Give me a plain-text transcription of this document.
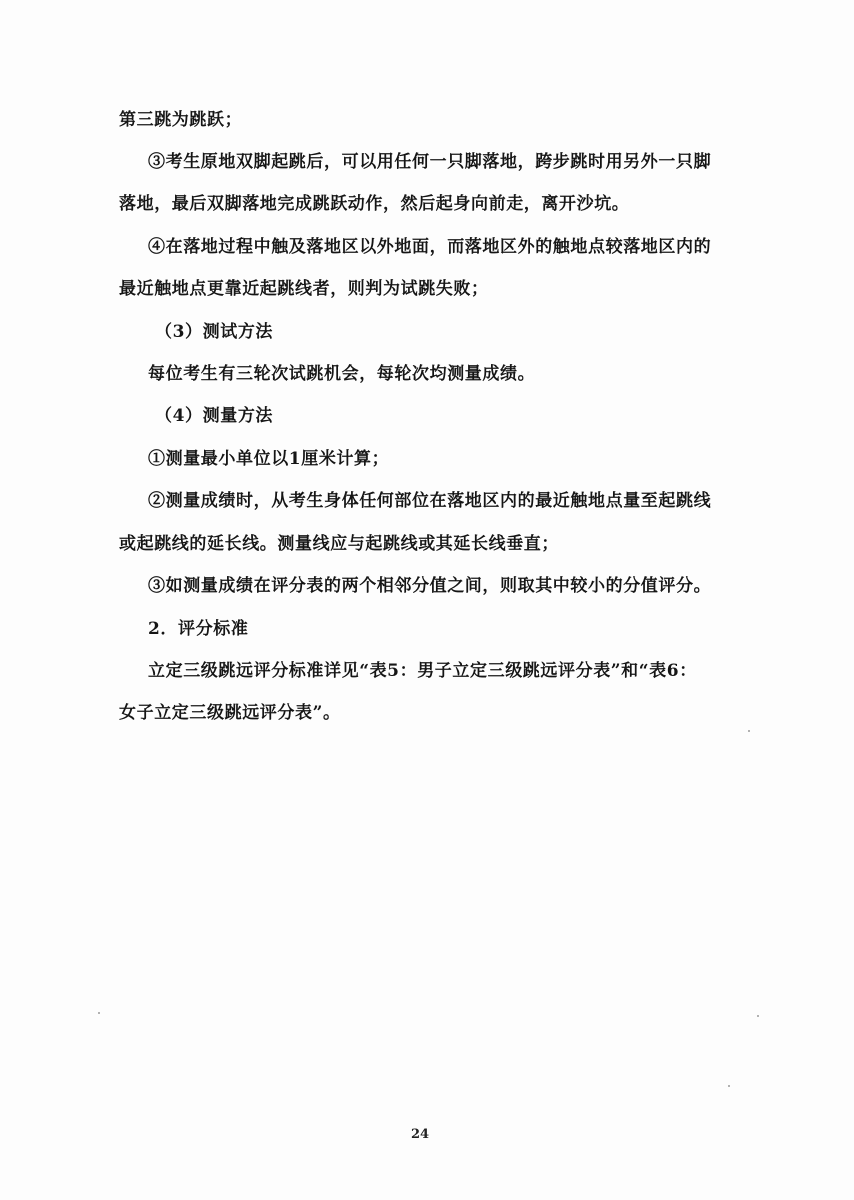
第三跳为跳跃；
③考生原地双脚起跳后，可以用任何一只脚落地，跨步跳时用另外一只脚
落地，最后双脚落地完成跳跃动作，然后起身向前走，离开沙坑。
④在落地过程中触及落地区以外地面，而落地区外的触地点较落地区内的
最近触地点更靠近起跳线者，则判为试跳失败；
（3）测试方法
每位考生有三轮次试跳机会，每轮次均测量成绩。
（4）测量方法
①测量最小单位以1厘米计算；
②测量成绩时，从考生身体任何部位在落地区内的最近触地点量至起跳线
或起跳线的延长线。测量线应与起跳线或其延长线垂直；
③如测量成绩在评分表的两个相邻分值之间，则取其中较小的分值评分。
2．评分标准
立定三级跳远评分标准详见“表5：男子立定三级跳远评分表”和“表6：
女子立定三级跳远评分表”。
24
